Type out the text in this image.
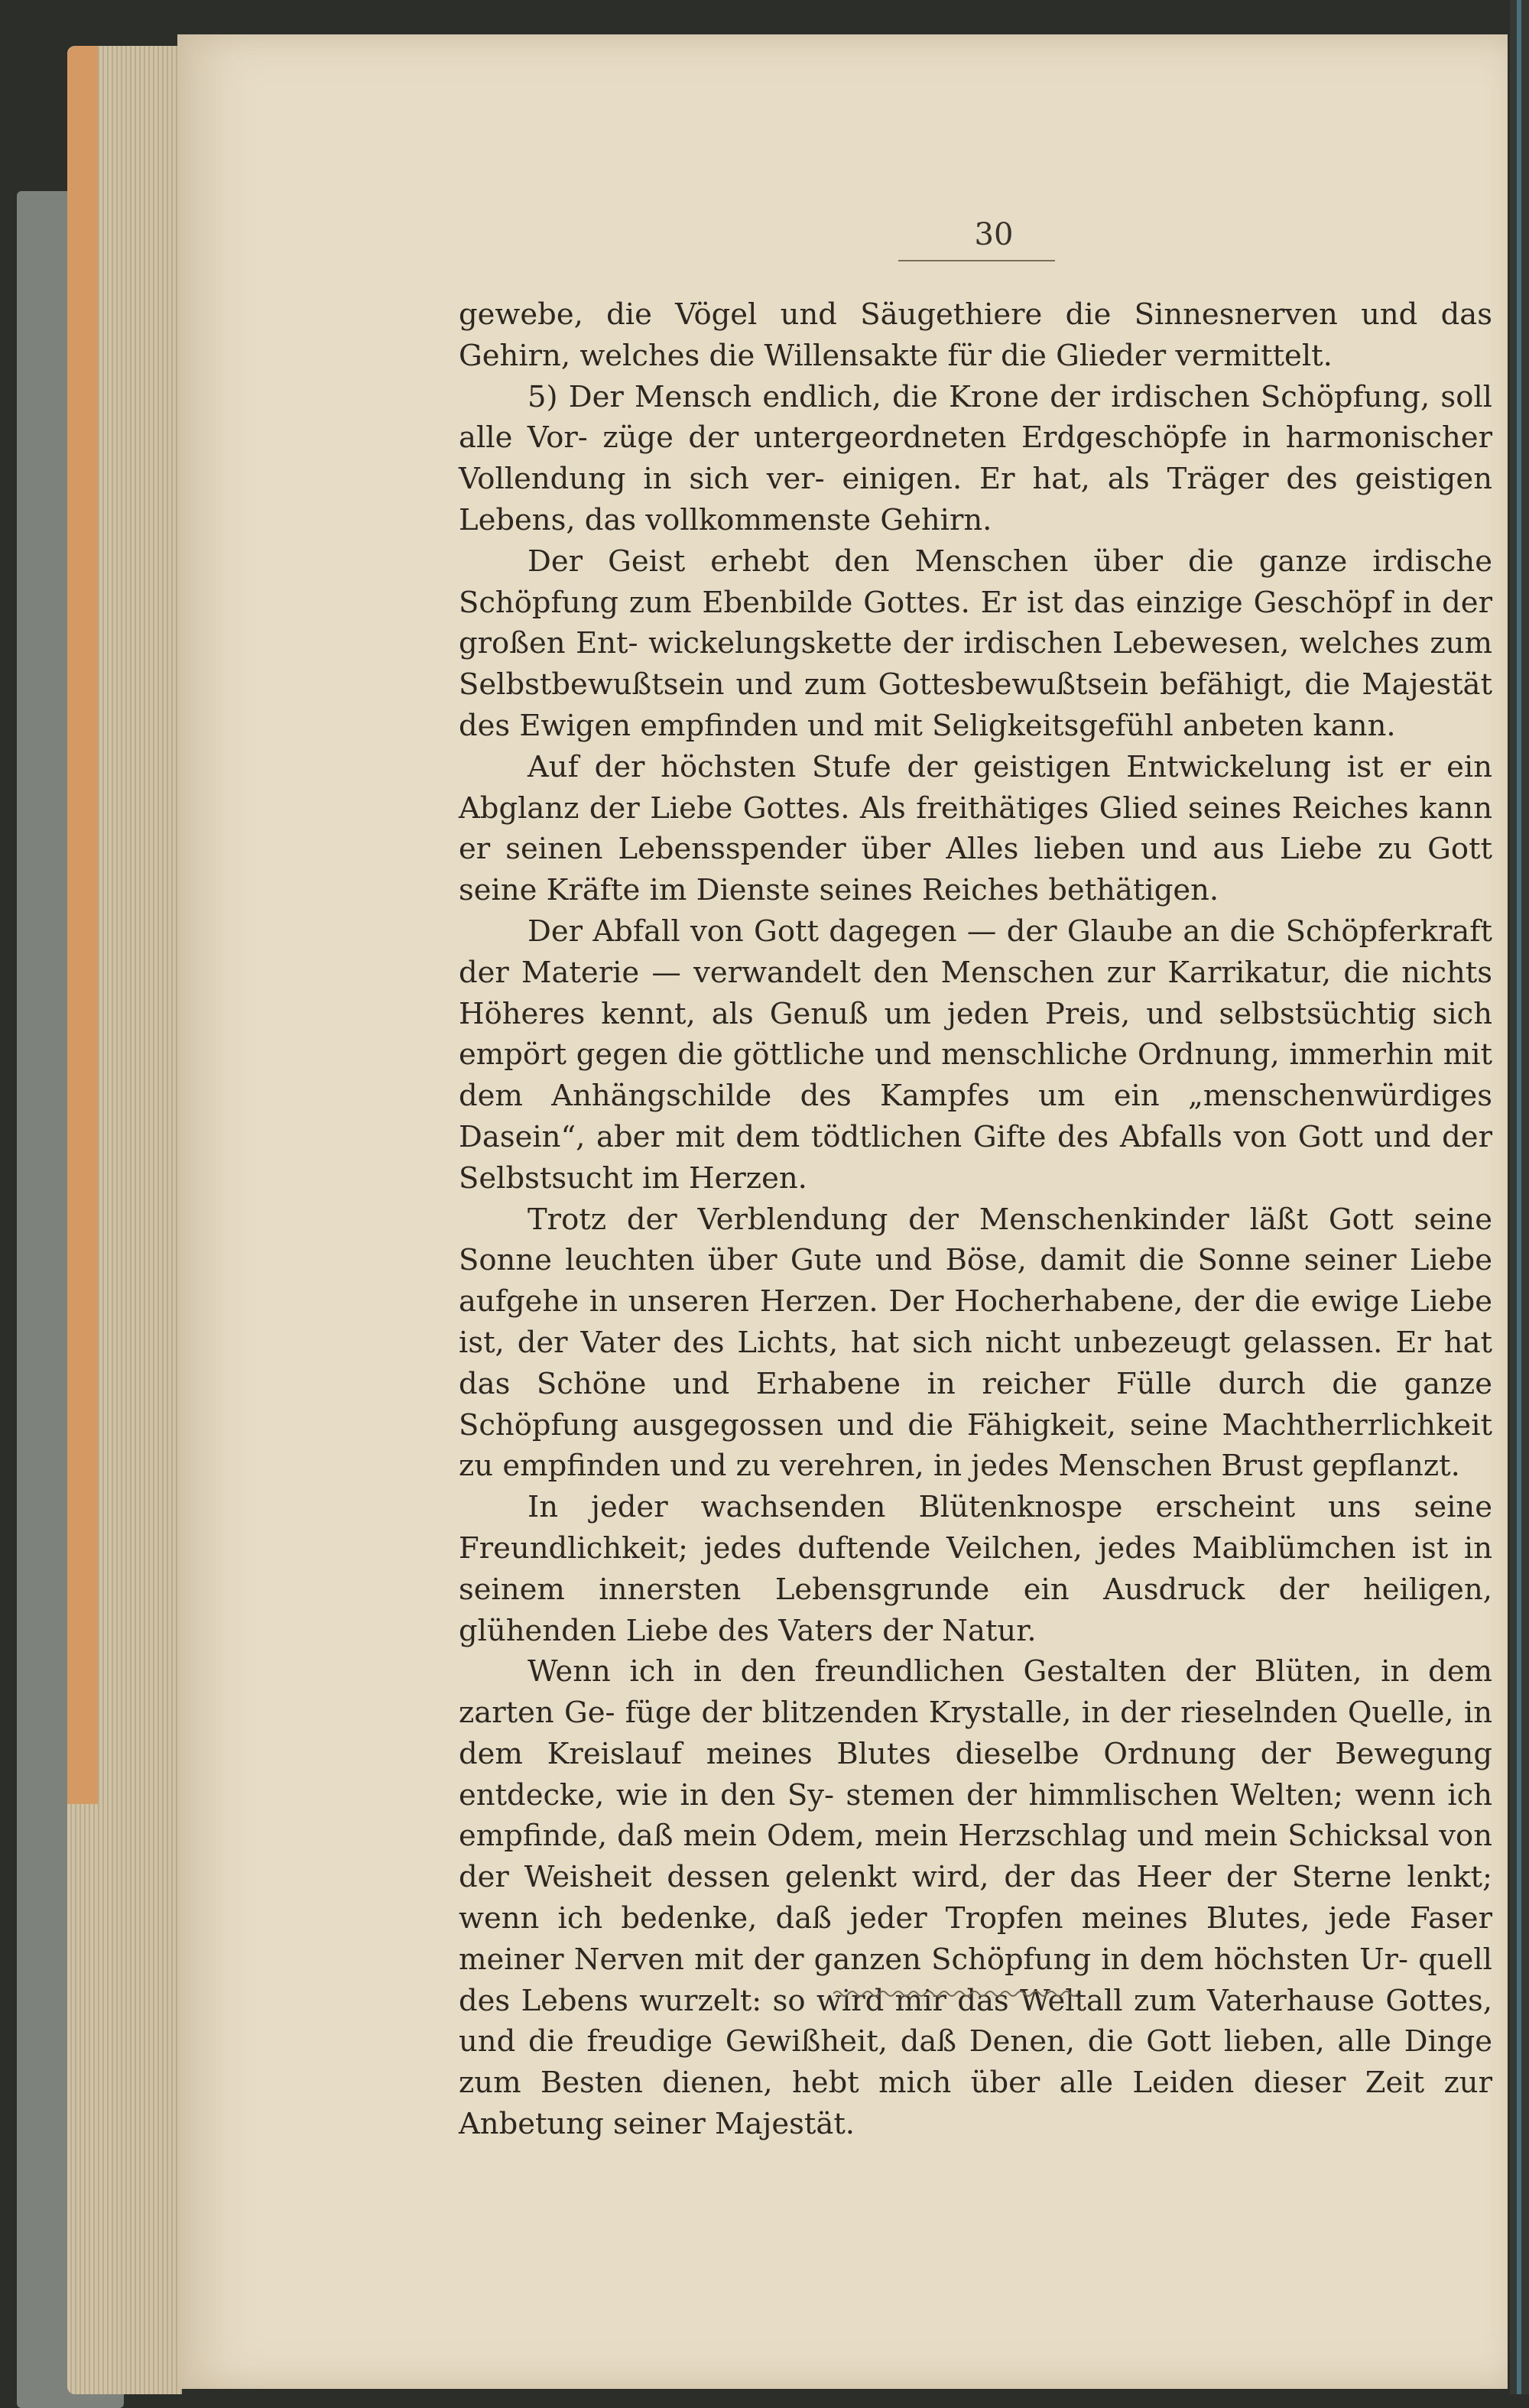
30

gewebe, die Vögel und Säugethiere die Sinnesnerven und das Gehirn, welches die Willensakte für die Glieder vermittelt.

5) Der Mensch endlich, die Krone der irdischen Schöpfung, soll alle Vor- züge der untergeordneten Erdgeschöpfe in harmonischer Vollendung in sich ver- einigen. Er hat, als Träger des geistigen Lebens, das vollkommenste Gehirn.

Der Geist erhebt den Menschen über die ganze irdische Schöpfung zum Ebenbilde Gottes. Er ist das einzige Geschöpf in der großen Ent- wickelungskette der irdischen Lebewesen, welches zum Selbstbewußtsein und zum Gottesbewußtsein befähigt, die Majestät des Ewigen empfinden und mit Seligkeitsgefühl anbeten kann.

Auf der höchsten Stufe der geistigen Entwickelung ist er ein Abglanz der Liebe Gottes. Als freithätiges Glied seines Reiches kann er seinen Lebensspender über Alles lieben und aus Liebe zu Gott seine Kräfte im Dienste seines Reiches bethätigen.

Der Abfall von Gott dagegen — der Glaube an die Schöpferkraft der Materie — verwandelt den Menschen zur Karrikatur, die nichts Höheres kennt, als Genuß um jeden Preis, und selbstsüchtig sich empört gegen die göttliche und menschliche Ordnung, immerhin mit dem Anhängschilde des Kampfes um ein „menschenwürdiges Dasein“, aber mit dem tödtlichen Gifte des Abfalls von Gott und der Selbstsucht im Herzen.

Trotz der Verblendung der Menschenkinder läßt Gott seine Sonne leuchten über Gute und Böse, damit die Sonne seiner Liebe aufgehe in unseren Herzen. Der Hocherhabene, der die ewige Liebe ist, der Vater des Lichts, hat sich nicht unbezeugt gelassen. Er hat das Schöne und Erhabene in reicher Fülle durch die ganze Schöpfung ausgegossen und die Fähigkeit, seine Machtherrlichkeit zu empfinden und zu verehren, in jedes Menschen Brust gepflanzt.

In jeder wachsenden Blütenknospe erscheint uns seine Freundlichkeit; jedes duftende Veilchen, jedes Maiblümchen ist in seinem innersten Lebensgrunde ein Ausdruck der heiligen, glühenden Liebe des Vaters der Natur.

Wenn ich in den freundlichen Gestalten der Blüten, in dem zarten Ge- füge der blitzenden Krystalle, in der rieselnden Quelle, in dem Kreislauf meines Blutes dieselbe Ordnung der Bewegung entdecke, wie in den Sy- stemen der himmlischen Welten; wenn ich empfinde, daß mein Odem, mein Herzschlag und mein Schicksal von der Weisheit dessen gelenkt wird, der das Heer der Sterne lenkt; wenn ich bedenke, daß jeder Tropfen meines Blutes, jede Faser meiner Nerven mit der ganzen Schöpfung in dem höchsten Ur- quell des Lebens wurzelt: so wird mir das Weltall zum Vaterhause Gottes, und die freudige Gewißheit, daß Denen, die Gott lieben, alle Dinge zum Besten dienen, hebt mich über alle Leiden dieser Zeit zur Anbetung seiner Majestät.
